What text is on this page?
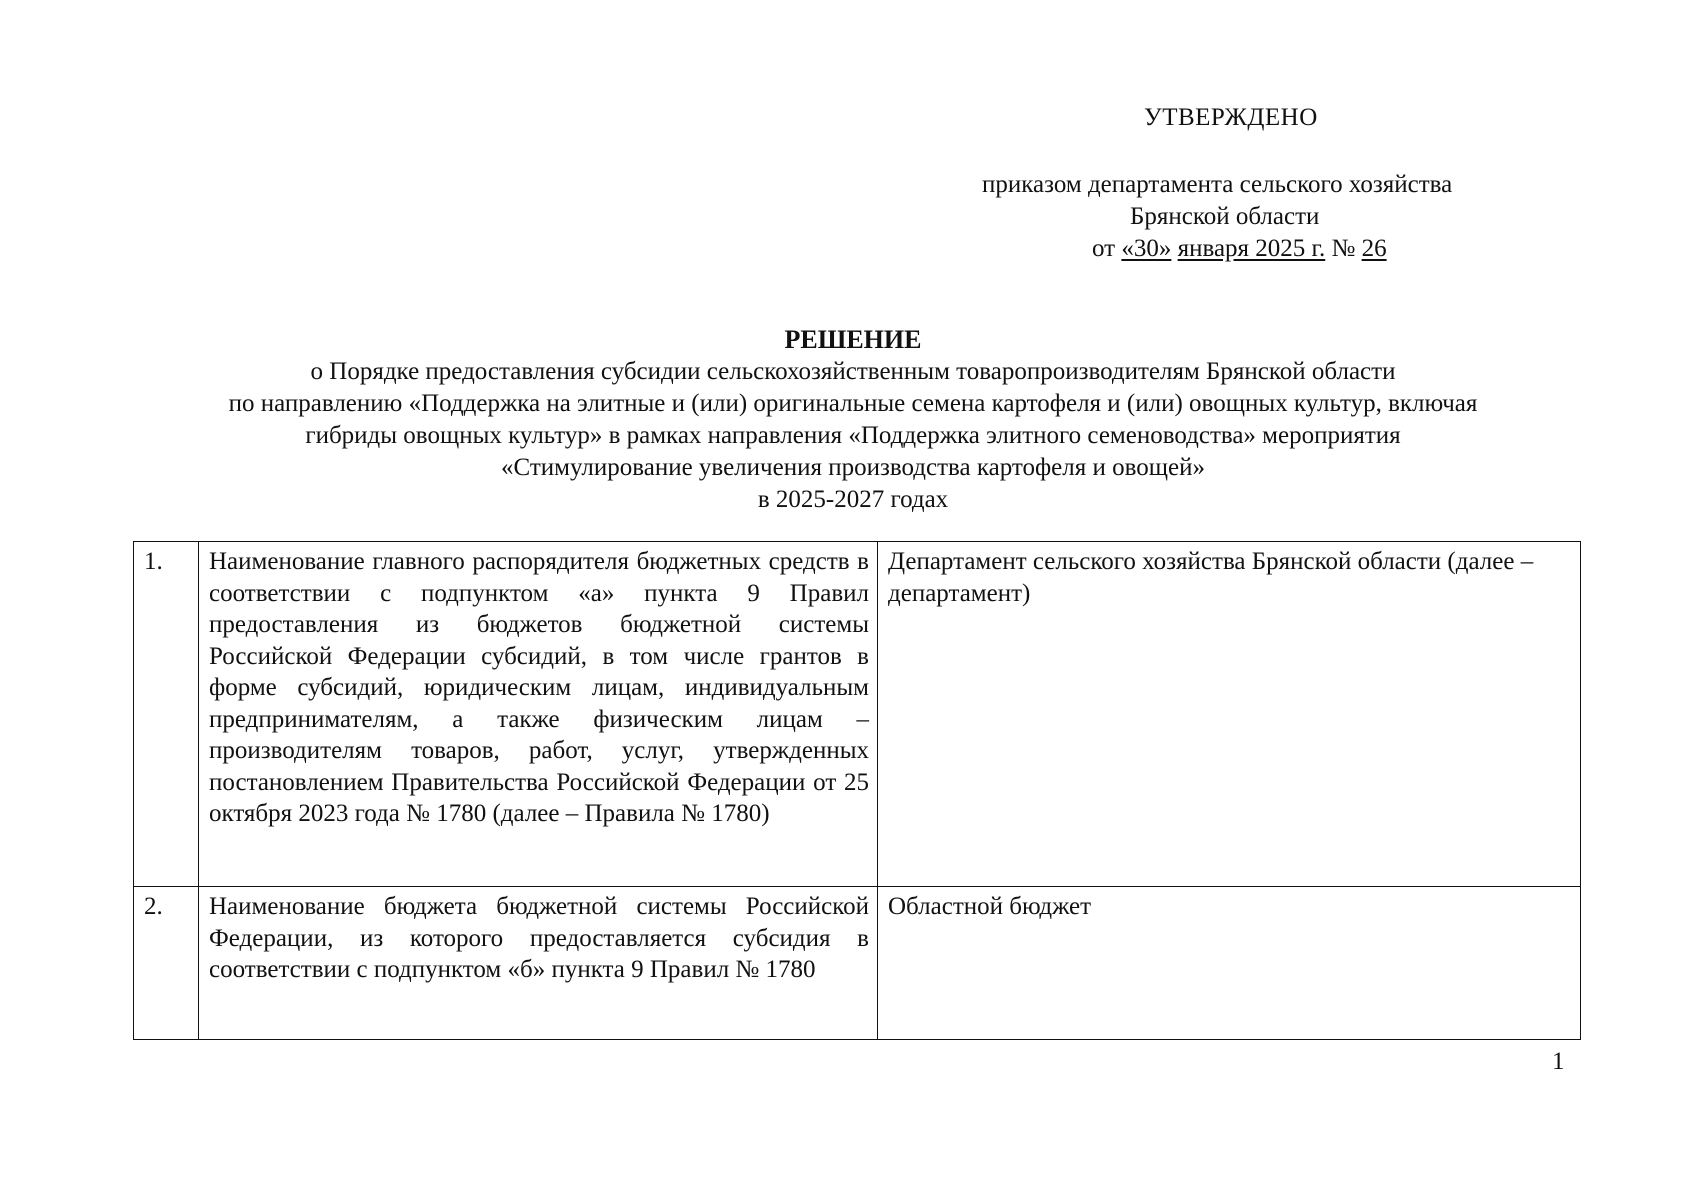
УТВЕРЖДЕНО
приказом департамента сельского хозяйства
Брянской области
от «30» января 2025 г. № 26
РЕШЕНИЕ
о Порядке предоставления субсидии сельскохозяйственным товаропроизводителям Брянской области
по направлению «Поддержка на элитные и (или) оригинальные семена картофеля и (или) овощных культур, включая
гибриды овощных культур» в рамках направления «Поддержка элитного семеноводства» мероприятия
«Стимулирование увеличения производства картофеля и овощей»
в 2025-2027 годах
1.	Наименование главного распорядителя бюджетных средств в соответствии с подпунктом «а» пункта 9 Правил предоставления из бюджетов бюджетной системы Российской Федерации субсидий, в том числе грантов в форме субсидий, юридическим лицам, индивидуальным предпринимателям, а также физическим лицам – производителям товаров, работ, услуг, утвержденных постановлением Правительства Российской Федерации от 25 октября 2023 года № 1780 (далее – Правила № 1780)	Департамент сельского хозяйства Брянской области (далее – департамент)
2.	Наименование бюджета бюджетной системы Российской Федерации, из которого предоставляется субсидия в соответствии с подпунктом «б» пункта 9 Правил № 1780	Областной бюджет
1
